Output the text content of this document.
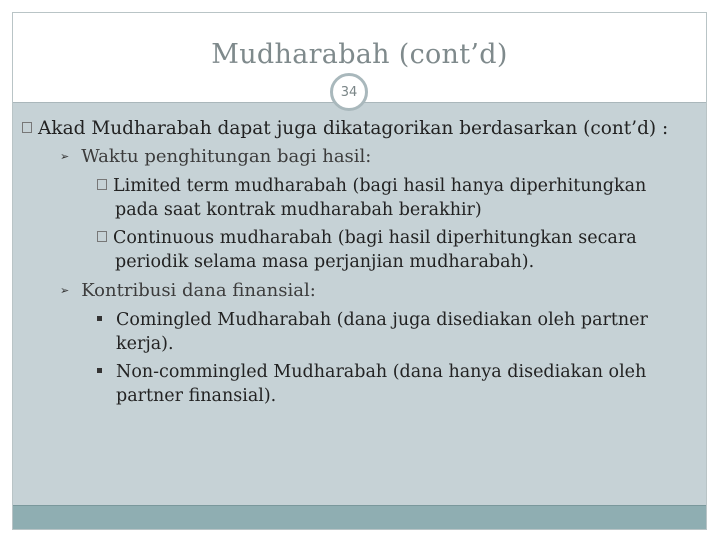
Mudharabah (cont’d)
34
Akad Mudharabah dapat juga dikatagorikan berdasarkan (cont’d) :
➢ Waktu penghitungan bagi hasil:
Limited term mudharabah (bagi hasil hanya diperhitungkan
pada saat kontrak mudharabah berakhir)
Continuous mudharabah (bagi hasil diperhitungkan secara
periodik selama masa perjanjian mudharabah).
➢ Kontribusi dana finansial:
Comingled Mudharabah (dana juga disediakan oleh partner
kerja).
Non-commingled Mudharabah (dana hanya disediakan oleh
partner finansial).
